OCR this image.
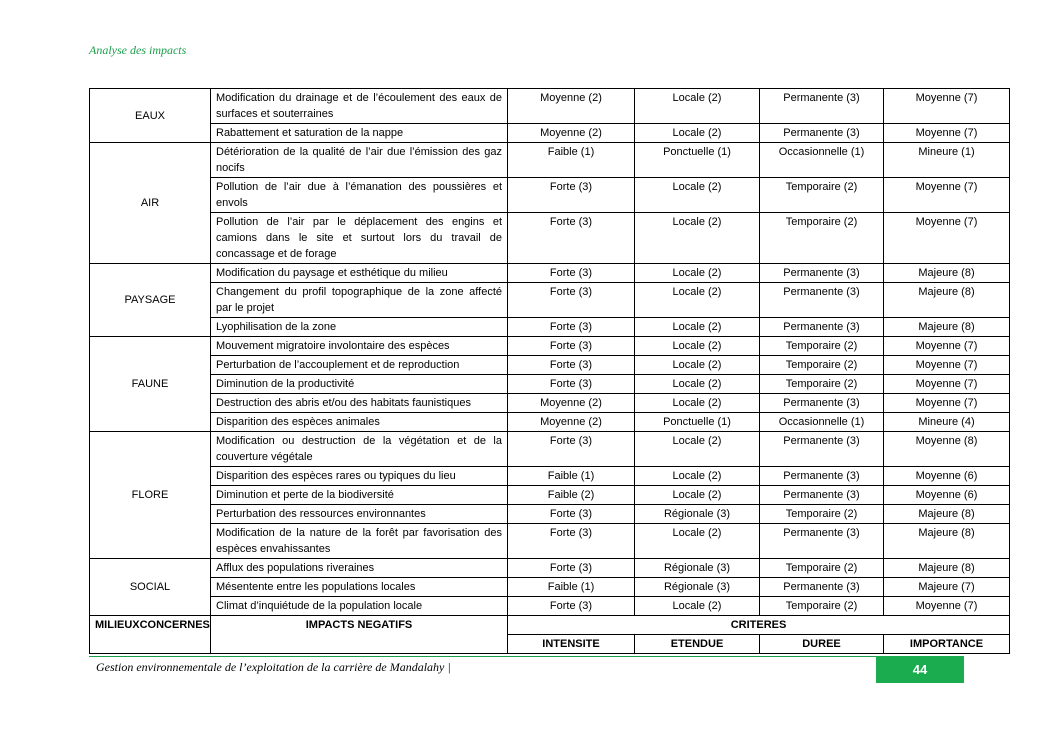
Analyse des impacts
EAUX	Modification du drainage et de l’écoulement des eaux de surfaces et souterraines	Moyenne (2)	Locale (2)	Permanente (3)	Moyenne (7)
	Rabattement et saturation de la nappe	Moyenne (2)	Locale (2)	Permanente (3)	Moyenne (7)
AIR	Détérioration de la qualité de l’air due l’émission des gaz nocifs	Faible (1)	Ponctuelle (1)	Occasionnelle (1)	Mineure (1)
	Pollution de l’air due à l’émanation des poussières et envols	Forte (3)	Locale (2)	Temporaire (2)	Moyenne (7)
	Pollution de l’air par le déplacement des engins et camions dans le site et surtout lors du travail de concassage et de forage	Forte (3)	Locale (2)	Temporaire (2)	Moyenne (7)
PAYSAGE	Modification du paysage et esthétique du milieu	Forte (3)	Locale (2)	Permanente (3)	Majeure (8)
	Changement du profil topographique de la zone affecté par le projet	Forte (3)	Locale (2)	Permanente (3)	Majeure (8)
	Lyophilisation de la zone	Forte (3)	Locale (2)	Permanente (3)	Majeure (8)
FAUNE	Mouvement migratoire involontaire des espèces	Forte (3)	Locale (2)	Temporaire (2)	Moyenne (7)
	Perturbation de l’accouplement et de reproduction	Forte (3)	Locale (2)	Temporaire (2)	Moyenne (7)
	Diminution de la productivité	Forte (3)	Locale (2)	Temporaire (2)	Moyenne (7)
	Destruction des abris et/ou des habitats faunistiques	Moyenne (2)	Locale (2)	Permanente (3)	Moyenne (7)
	Disparition des espèces animales	Moyenne (2)	Ponctuelle (1)	Occasionnelle (1)	Mineure (4)
FLORE	Modification ou destruction de la végétation et de la couverture végétale	Forte (3)	Locale (2)	Permanente (3)	Moyenne (8)
	Disparition des espèces rares ou typiques du lieu	Faible (1)	Locale (2)	Permanente (3)	Moyenne (6)
	Diminution et perte de la biodiversité	Faible (2)	Locale (2)	Permanente (3)	Moyenne (6)
	Perturbation des ressources environnantes	Forte (3)	Régionale (3)	Temporaire (2)	Majeure (8)
	Modification de la nature de la forêt par favorisation des espèces envahissantes	Forte (3)	Locale (2)	Permanente (3)	Majeure (8)
SOCIAL	Afflux des populations riveraines	Forte (3)	Régionale (3)	Temporaire (2)	Majeure (8)
	Mésentente entre les populations locales	Faible (1)	Régionale (3)	Permanente (3)	Majeure (7)
	Climat d’inquiétude de la population locale	Forte (3)	Locale (2)	Temporaire (2)	Moyenne (7)
MILIEUXCONCERNES	IMPACTS NEGATIFS	CRITERES			
		INTENSITE	ETENDUE	DUREE	IMPORTANCE
Gestion environnementale de l’exploitation de la carrière de Mandalahy |	44
